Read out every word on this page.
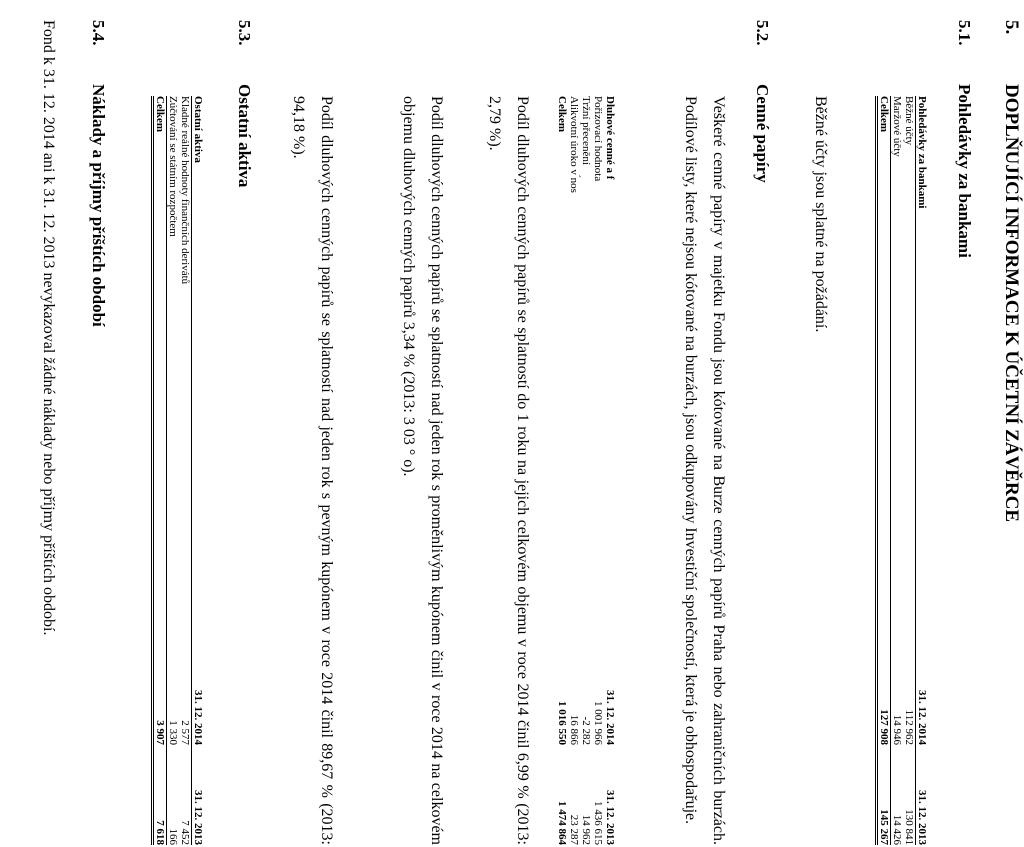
5.
DOPLŇUJÍCÍ INFORMACE K ÚČETNÍ ZÁVĚRCE
5.1.
Pohledávky za bankami
Pohledávky za bankami	31. 12. 2014	31. 12. 2013
Běžné účty	112 962	130 841
Maržové účty	14 946	14 426
Celkem	127 908	145 267
Běžné účty jsou splatné na požádání.
5.2.
Cenné papíry
Veškeré cenné papíry v majetku Fondu jsou kótované na Burze cenných papírů Praha nebo zahraničních burzách. Podílové listy, které nejsou kótované na burzách, jsou odkupovány Investiční společností, která je obhospodařuje.
Dluhové cenné a f	31. 12. 2014	31. 12. 2013
Pořizovací hodnota	1 001 966	1 436 615
Tržní přecenění	-2 282	14 962
Alikvotní úroko v ́nos	16 866	23 287
Celkem	1 016 550	1 474 864
Podíl dluhových cenných papírů se splatností do 1 roku na jejich celkovém objemu v roce 2014 činil 6,99 % (2013: 2,79 %).
Podíl dluhových cenných papírů se splatností nad jeden rok s proměnlivým kupónem činil v roce 2014 na celkovém objemu dluhových cenných papírů 3,34 % (2013: 3 03 ° o).
Podíl dluhových cenných papírů se splatností nad jeden rok s pevným kupónem v roce 2014 činil 89,67 % (2013: 94,18 %).
5.3.
Ostatní aktiva
Ostatní aktiva	31. 12. 2014	31. 12. 2013
Kladné reálné hodnoty finančních derivátů	2 577	7 452
Zúčtování se státním rozpočtem	1 330	166
Celkem	3 907	7 618
5.4.
Náklady a příjmy příštích období
Fond k 31. 12. 2014 ani k 31. 12. 2013 nevykazoval žádné náklady nebo příjmy příštích období.
